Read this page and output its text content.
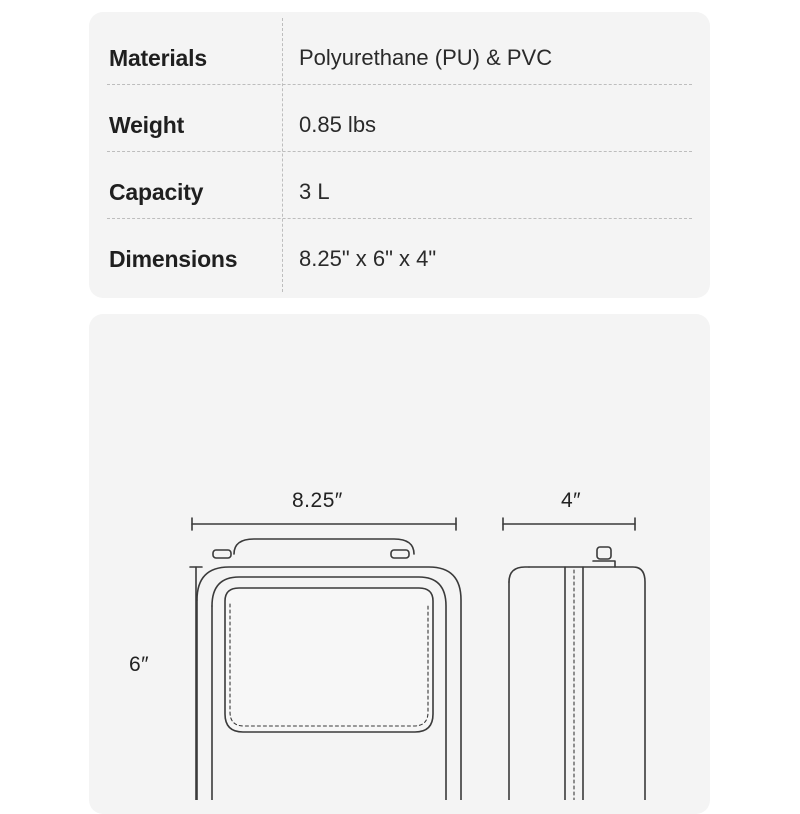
Materials	Polyurethane (PU) & PVC
Weight	0.85 lbs
Capacity	3 L
Dimensions	8.25" x 6" x 4"
8.25″	4″
6″
